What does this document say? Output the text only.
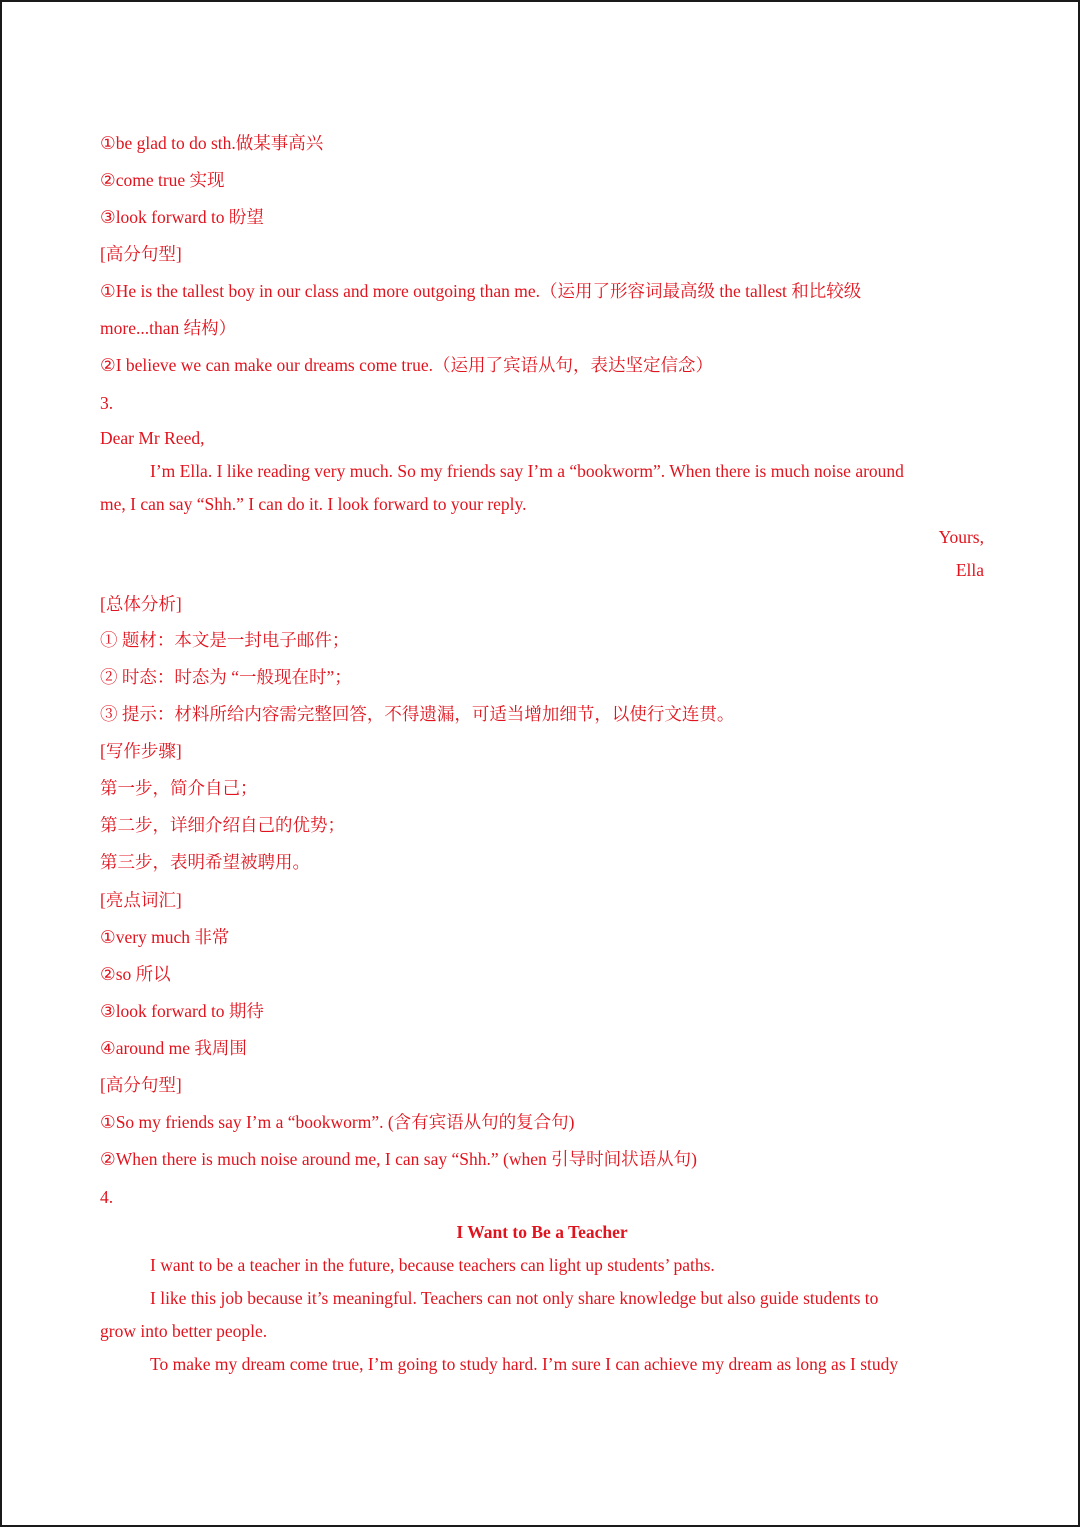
①be glad to do sth.做某事高兴
②come true 实现
③look forward to 盼望
[高分句型]
①He is the tallest boy in our class and more outgoing than me.（运用了形容词最高级 the tallest 和比较级
more...than 结构）
②I believe we can make our dreams come true.（运用了宾语从句，表达坚定信念）
3.
Dear Mr Reed,
I’m Ella. I like reading very much. So my friends say I’m a “bookworm”. When there is much noise around
me, I can say “Shh.” I can do it. I look forward to your reply.
Yours,
Ella
[总体分析]
① 题材：本文是一封电子邮件；
② 时态：时态为 “一般现在时”；
③ 提示：材料所给内容需完整回答，不得遗漏，可适当增加细节，以使行文连贯。
[写作步骤]
第一步，简介自己；
第二步，详细介绍自己的优势；
第三步，表明希望被聘用。
[亮点词汇]
①very much 非常
②so 所以
③look forward to 期待
④around me 我周围
[高分句型]
①So my friends say I’m a “bookworm”. (含有宾语从句的复合句)
②When there is much noise around me, I can say “Shh.” (when 引导时间状语从句)
4.
I Want to Be a Teacher
I want to be a teacher in the future, because teachers can light up students’ paths.
I like this job because it’s meaningful. Teachers can not only share knowledge but also guide students to
grow into better people.
To make my dream come true, I’m going to study hard. I’m sure I can achieve my dream as long as I study
